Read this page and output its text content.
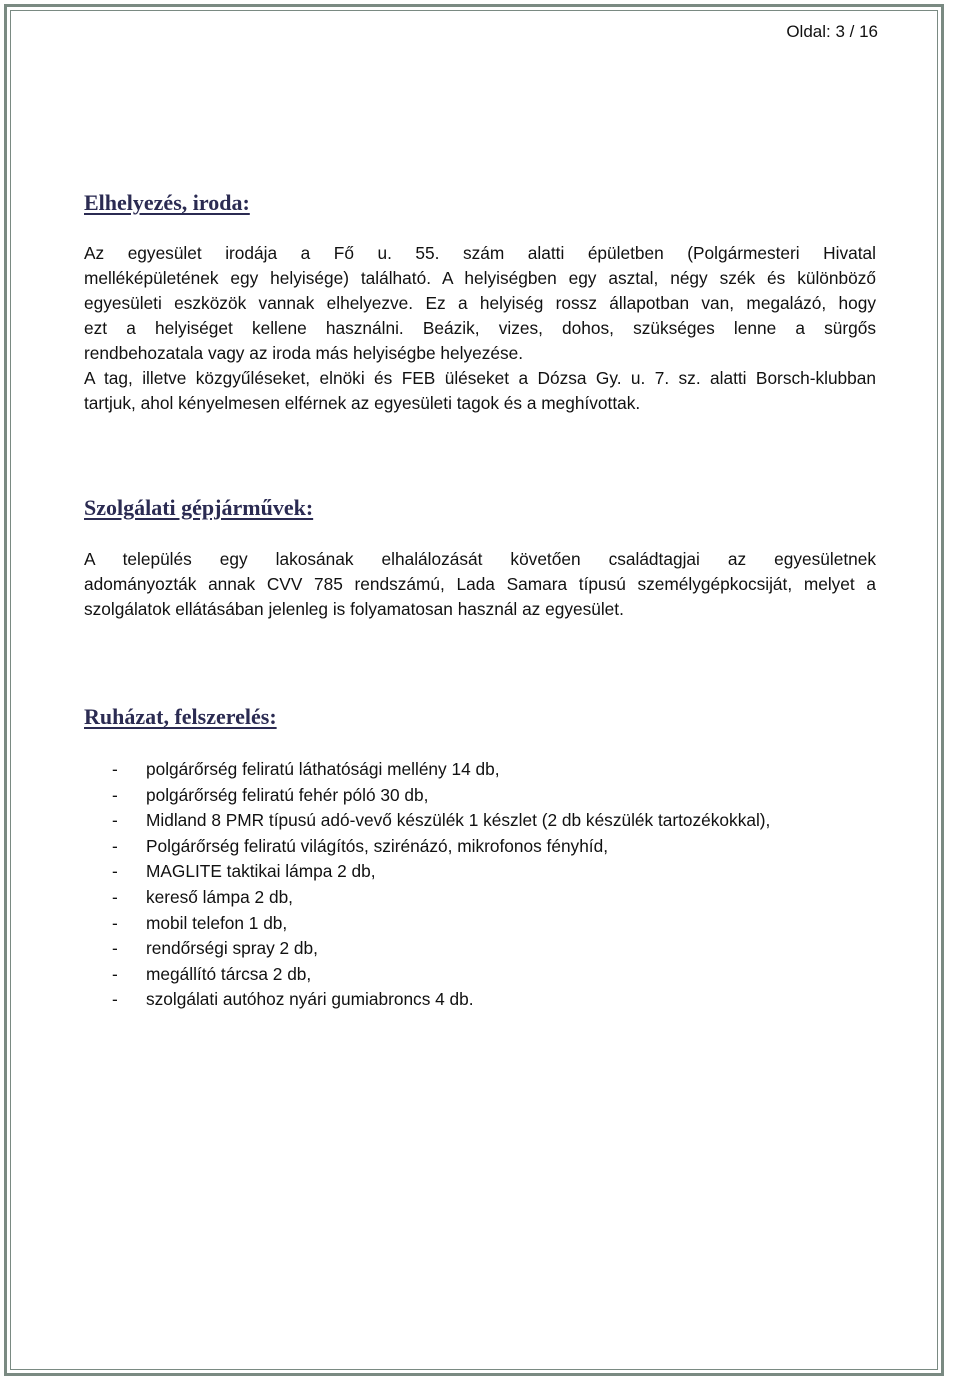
Oldal: 3 / 16
Elhelyezés, iroda:
Az egyesület irodája a Fő u. 55. szám alatti épületben (Polgármesteri Hivatal
melléképületének egy helyisége) található. A helyiségben egy asztal, négy szék és különböző
egyesületi eszközök vannak elhelyezve. Ez a helyiség rossz állapotban van, megalázó, hogy
ezt a helyiséget kellene használni. Beázik, vizes, dohos, szükséges lenne a sürgős
rendbehozatala vagy az iroda más helyiségbe helyezése.
A tag, illetve közgyűléseket, elnöki és FEB üléseket a Dózsa Gy. u. 7. sz. alatti Borsch-klubban
tartjuk, ahol kényelmesen elférnek az egyesületi tagok és a meghívottak.
Szolgálati gépjárművek:
A település egy lakosának elhalálozását követően családtagjai az egyesületnek
adományozták annak CVV 785 rendszámú, Lada Samara típusú személygépkocsiját, melyet a
szolgálatok ellátásában jelenleg is folyamatosan használ az egyesület.
Ruházat, felszerelés:
- polgárőrség feliratú láthatósági mellény 14 db,
- polgárőrség feliratú fehér póló 30 db,
- Midland 8 PMR típusú adó-vevő készülék 1 készlet (2 db készülék tartozékokkal),
- Polgárőrség feliratú világítós, szirénázó, mikrofonos fényhíd,
- MAGLITE taktikai lámpa 2 db,
- kereső lámpa 2 db,
- mobil telefon 1 db,
- rendőrségi spray 2 db,
- megállító tárcsa 2 db,
- szolgálati autóhoz nyári gumiabroncs 4 db.
